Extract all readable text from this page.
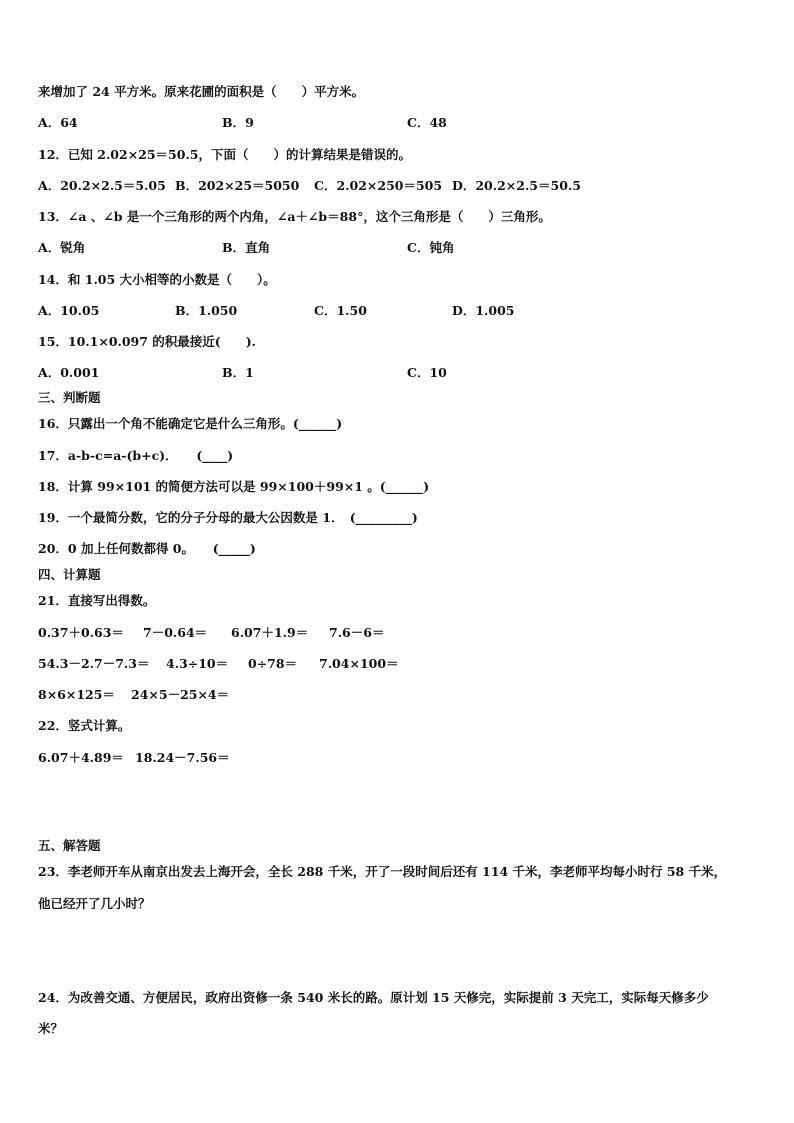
来增加了 24 平方米。原来花圃的面积是（　　）平方米。
A．64	B．9	C．48
12．已知 2.02×25＝50.5，下面（　　）的计算结果是错误的。
A．20.2×2.5＝5.05 B．202×25＝5050 C．2.02×250＝505 D．20.2×2.5＝50.5
13．∠a 、∠b 是一个三角形的两个内角，∠a＋∠b＝88°，这个三角形是（　　）三角形。
A．锐角	B．直角	C．钝角
14．和 1.05 大小相等的小数是（　　）。
A．10.05	B．1.050	C．1.50	D．1.005
15．10.1×0.097 的积最接近(　　).
A．0.001	B．1	C．10
三、判断题
16．只露出一个角不能确定它是什么三角形。(______)
17．a-b-c=a-(b+c)．　　(____)
18．计算 99×101 的简便方法可以是 99×100＋99×1 。(______)
19．一个最简分数，它的分子分母的最大公因数是 1．　(_________)
20．0 加上任何数都得 0。　　(_____)
四、计算题
21．直接写出得数。
0.37＋0.63＝ 7－0.64＝ 6.07＋1.9＝ 7.6－6＝
54.3－2.7－7.3＝ 4.3÷10＝ 0÷78＝ 7.04×100＝
8×6×125＝ 24×5－25×4＝
22．竖式计算。
6.07＋4.89＝ 18.24－7.56＝
五、解答题
23．李老师开车从南京出发去上海开会，全长 288 千米，开了一段时间后还有 114 千米，李老师平均每小时行 58 千米，
他已经开了几小时？
24．为改善交通、方便居民，政府出资修一条 540 米长的路。原计划 15 天修完，实际提前 3 天完工，实际每天修多少
米？
